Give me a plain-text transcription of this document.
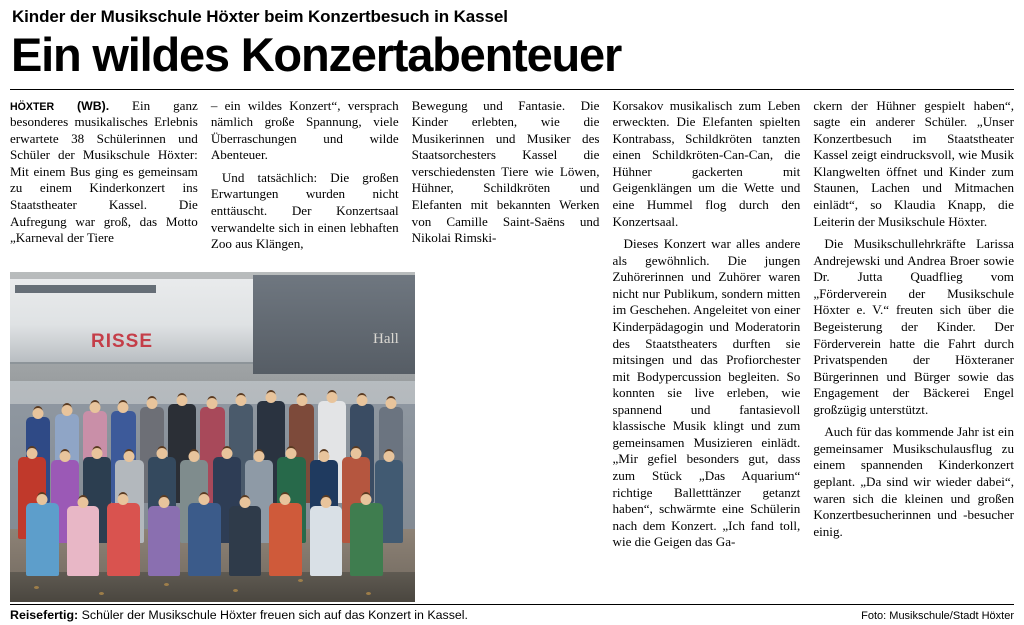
Kinder der Musikschule Höxter beim Konzertbesuch in Kassel
Ein wildes Konzertabenteuer

HÖXTER (WB). Ein ganz besonderes musikalisches Erlebnis erwartete 38 Schülerinnen und Schüler der Musikschule Höxter: Mit einem Bus ging es gemeinsam zu einem Kinderkonzert ins Staatstheater Kassel. Die Aufregung war groß, das Motto „Karneval der Tiere

– ein wildes Konzert“, versprach nämlich große Spannung, viele Überraschungen und wilde Abenteuer.

Und tatsächlich: Die großen Erwartungen wurden nicht enttäuscht. Der Konzertsaal verwandelte sich in einen lebhaften Zoo aus Klängen,

Bewegung und Fantasie. Die Kinder erlebten, wie die Musikerinnen und Musiker des Staatsorchesters Kassel die verschiedensten Tiere wie Löwen, Hühner, Schildkröten und Elefanten mit bekannten Werken von Camille Saint-Saëns und Nikolai Rimski-

Korsakov musikalisch zum Leben erweckten. Die Elefanten spielten Kontrabass, Schildkröten tanzten einen Schildkröten-Can-Can, die Hühner gackerten mit Geigenklängen um die Wette und eine Hummel flog durch den Konzertsaal.

Dieses Konzert war alles andere als gewöhnlich. Die jungen Zuhörerinnen und Zuhörer waren nicht nur Publikum, sondern mitten im Geschehen. Angeleitet von einer Kinderpädagogin und Moderatorin des Staatstheaters durften sie mitsingen und das Profiorchester mit Bodypercussion begleiten. So konnten sie live erleben, wie spannend und fantasievoll klassische Musik klingt und zum gemeinsamen Musizieren einlädt. „Mir gefiel besonders gut, dass zum Stück „Das Aquarium“ richtige Balletttänzer getanzt haben“, schwärmte eine Schülerin nach dem Konzert. „Ich fand toll, wie die Geigen das Ga-

ckern der Hühner gespielt haben“, sagte ein anderer Schüler. „Unser Konzertbesuch im Staatstheater Kassel zeigt eindrucksvoll, wie Musik Klangwelten öffnet und Kinder zum Staunen, Lachen und Mitmachen einlädt“, so Klaudia Knapp, die Leiterin der Musikschule Höxter.

Die Musikschullehrkräfte Larissa Andrejewski und Andrea Broer sowie Dr. Jutta Quadflieg vom „Förderverein der Musikschule Höxter e. V.“ freuten sich über die Begeisterung der Kinder. Der Förderverein hatte die Fahrt durch Privatspenden der Höxteraner Bürgerinnen und Bürger sowie das Engagement der Bäckerei Engel großzügig unterstützt.

Auch für das kommende Jahr ist ein gemeinsamer Musikschulausflug zu einem spannenden Kinderkonzert geplant. „Da sind wir wieder dabei“, waren sich die kleinen und großen Konzertbesucherinnen und -besucher einig.

RISSE	Hall
Reisefertig: Schüler der Musikschule Höxter freuen sich auf das Konzert in Kassel.	Foto: Musikschule/Stadt Höxter
